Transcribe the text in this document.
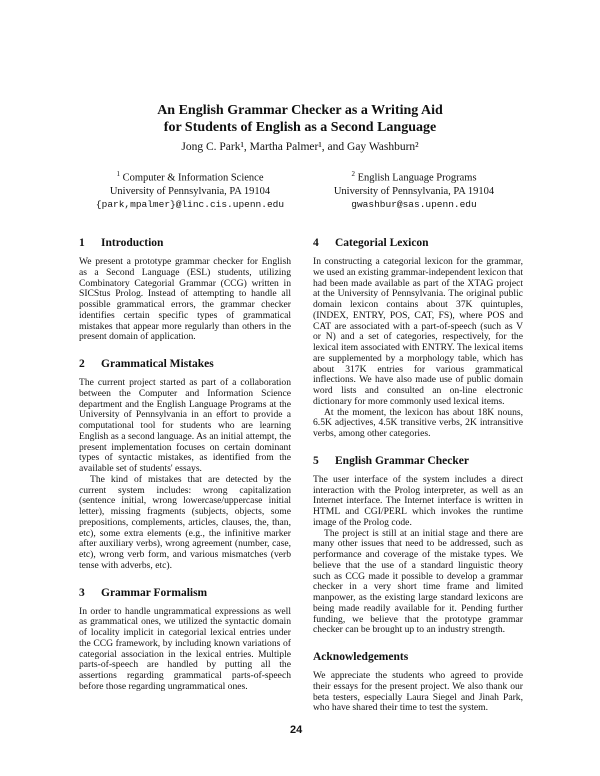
An English Grammar Checker as a Writing Aid
for Students of English as a Second Language
Jong C. Park¹, Martha Palmer¹, and Gay Washburn²
$^1$ Computer & Information Science
University of Pennsylvania, PA 19104
{park,mpalmer}@linc.cis.upenn.edu
$^2$ English Language Programs
University of Pennsylvania, PA 19104
gwashbur@sas.upenn.edu
1 Introduction

We present a prototype grammar checker for English as a Second Language (ESL) students, utilizing Combinatory Categorial Grammar (CCG) written in SICStus Prolog. Instead of attempting to handle all possible grammatical errors, the grammar checker identifies certain specific types of grammatical mistakes that appear more regularly than others in the present domain of application.

2 Grammatical Mistakes

The current project started as part of a collaboration between the Computer and Information Science department and the English Language Programs at the University of Pennsylvania in an effort to provide a computational tool for students who are learning English as a second language. As an initial attempt, the present implementation focuses on certain dominant types of syntactic mistakes, as identified from the available set of students' essays.

The kind of mistakes that are detected by the current system includes: wrong capitalization (sentence initial, wrong lowercase/uppercase initial letter), missing fragments (subjects, objects, some prepositions, complements, articles, clauses, the, than, etc), some extra elements (e.g., the infinitive marker after auxiliary verbs), wrong agreement (number, case, etc), wrong verb form, and various mismatches (verb tense with adverbs, etc).

3 Grammar Formalism

In order to handle ungrammatical expressions as well as grammatical ones, we utilized the syntactic domain of locality implicit in categorial lexical entries under the CCG framework, by including known variations of categorial association in the lexical entries. Multiple parts-of-speech are handled by putting all the assertions regarding grammatical parts-of-speech before those regarding ungrammatical ones.

4 Categorial Lexicon

In constructing a categorial lexicon for the grammar, we used an existing grammar-independent lexicon that had been made available as part of the XTAG project at the University of Pennsylvania. The original public domain lexicon contains about 37K quintuples, (INDEX, ENTRY, POS, CAT, FS), where POS and CAT are associated with a part-of-speech (such as V or N) and a set of categories, respectively, for the lexical item associated with ENTRY. The lexical items are supplemented by a morphology table, which has about 317K entries for various grammatical inflections. We have also made use of public domain word lists and consulted an on-line electronic dictionary for more commonly used lexical items.

At the moment, the lexicon has about 18K nouns, 6.5K adjectives, 4.5K transitive verbs, 2K intransitive verbs, among other categories.

5 English Grammar Checker

The user interface of the system includes a direct interaction with the Prolog interpreter, as well as an Internet interface. The Internet interface is written in HTML and CGI/PERL which invokes the runtime image of the Prolog code.

The project is still at an initial stage and there are many other issues that need to be addressed, such as performance and coverage of the mistake types. We believe that the use of a standard linguistic theory such as CCG made it possible to develop a grammar checker in a very short time frame and limited manpower, as the existing large standard lexicons are being made readily available for it. Pending further funding, we believe that the prototype grammar checker can be brought up to an industry strength.

Acknowledgements

We appreciate the students who agreed to provide their essays for the present project. We also thank our beta testers, especially Laura Siegel and Jinah Park, who have shared their time to test the system.

24
